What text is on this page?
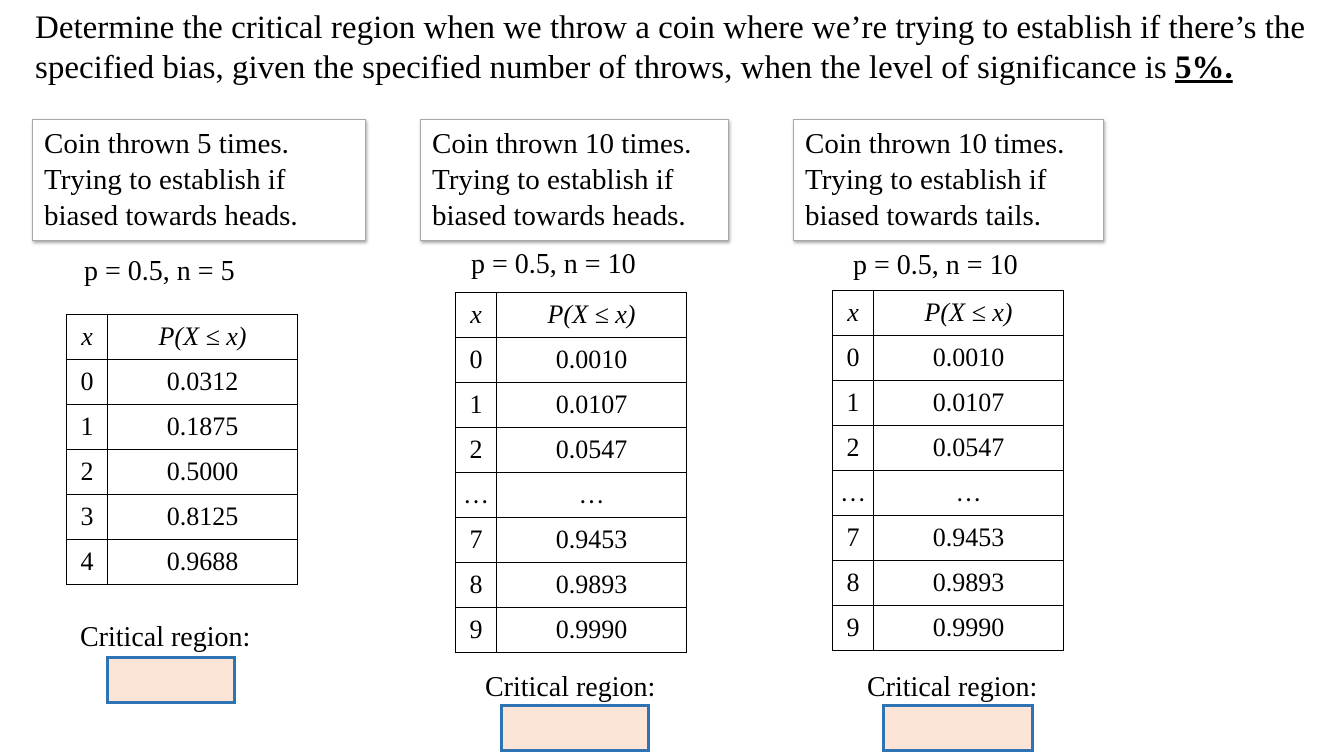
Determine the critical region when we throw a coin where we’re trying to establish if there’s the specified bias, given the specified number of throws, when the level of significance is 5%.

Coin thrown 5 times.
Trying to establish if
biased towards heads.
p = 0.5, n = 5
x	P(X ≤ x)
0	0.0312
1	0.1875
2	0.5000
3	0.8125
4	0.9688
Critical region:
Coin thrown 10 times.
Trying to establish if
biased towards heads.
p = 0.5, n = 10
x	P(X ≤ x)
0	0.0010
1	0.0107
2	0.0547
…	…
7	0.9453
8	0.9893
9	0.9990
Critical region:
Coin thrown 10 times.
Trying to establish if
biased towards tails.
p = 0.5, n = 10
x	P(X ≤ x)
0	0.0010
1	0.0107
2	0.0547
…	…
7	0.9453
8	0.9893
9	0.9990
Critical region:
